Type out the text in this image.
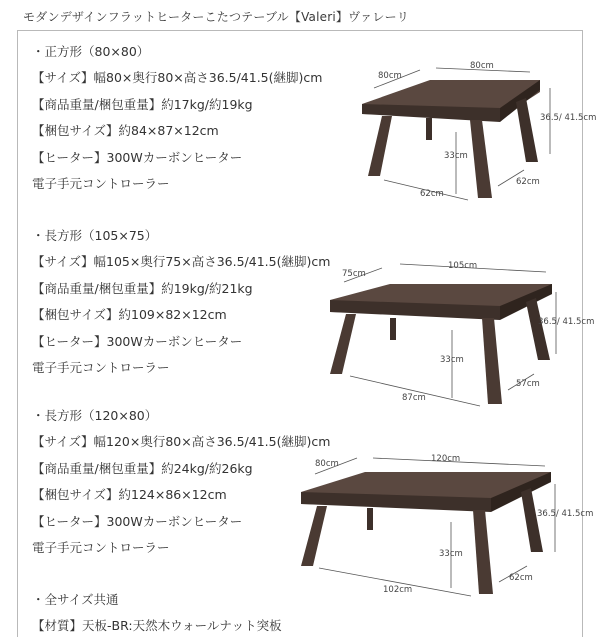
モダンデザインフラットヒーターこたつテーブル【Valeri】ヴァレーリ
・正方形（80×80）
【サイズ】幅80×奥行80×高さ36.5/41.5(継脚)cm
【商品重量/梱包重量】約17kg/約19kg
【梱包サイズ】約84×87×12cm
【ヒーター】300Wカーボンヒーター
電子手元コントローラー
80cm
80cm
36.5/ 41.5cm
33cm
62cm
62cm
・長方形（105×75）
【サイズ】幅105×奥行75×高さ36.5/41.5(継脚)cm
【商品重量/梱包重量】約19kg/約21kg
【梱包サイズ】約109×82×12cm
【ヒーター】300Wカーボンヒーター
電子手元コントローラー
75cm
105cm
36.5/ 41.5cm
33cm
87cm
57cm
・長方形（120×80）
【サイズ】幅120×奥行80×高さ36.5/41.5(継脚)cm
【商品重量/梱包重量】約24kg/約26kg
【梱包サイズ】約124×86×12cm
【ヒーター】300Wカーボンヒーター
電子手元コントローラー
80cm	120cm
36.5/ 41.5cm
33cm
102cm
62cm
・全サイズ共通
【材質】天板-BR:天然木ウォールナット突板
